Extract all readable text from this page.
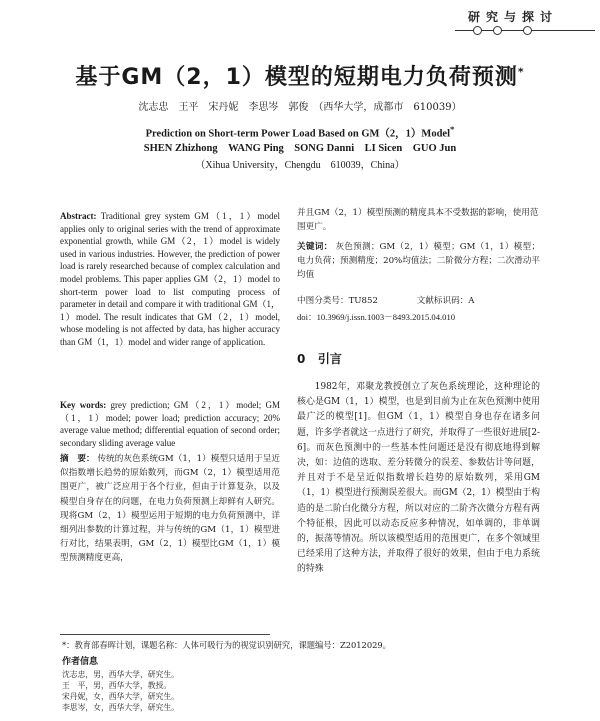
研究与探讨
基于GM（2，1）模型的短期电力负荷预测*
沈志忠　王平　宋丹妮　李思岑　郭俊　（西华大学，成都市　610039）
Prediction on Short-term Power Load Based on GM（2，1）Model*
SHEN Zhizhong　WANG Ping　SONG Danni　LI Sicen　GUO Jun
（Xihua University，Chengdu　610039，China）
Abstract: Traditional grey system GM（1，1）model applies only to original series with the trend of approximate exponential growth, while GM（2，1）model is widely used in various industries. However, the prediction of power load is rarely researched because of complex calculation and model problems. This paper applies GM（2，1）model to short-term power load to list computing process of parameter in detail and compare it with traditional GM（1，1）model. The result indicates that GM（2，1）model, whose modeling is not affected by data, has higher accuracy than GM（1，1）model and wider range of application.
Key words: grey prediction; GM（2，1）model; GM（1，1）model; power load; prediction accuracy; 20% average value method; differential equation of second order; secondary sliding average value
摘　要： 传统的灰色系统GM（1，1）模型只适用于呈近似指数增长趋势的原始数列，而GM（2，1）模型适用范围更广，被广泛应用于各个行业，但由于计算复杂，以及模型自身存在的问题，在电力负荷预测上却鲜有人研究。现将GM（2，1）模型运用于短期的电力负荷预测中，详细列出参数的计算过程，并与传统的GM（1，1）模型进行对比，结果表明，GM（2，1）模型比GM（1，1）模型预测精度更高，
并且GM（2，1）模型预测的精度具本不受数据的影响，使用范围更广。
关键词： 灰色预测；GM（2，1）模型；GM（1，1）模型；电力负荷；预测精度；20%均值法；二阶微分方程；二次滑动平均值
中图分类号：TU852	文献标识码：A
doi：10.3969/j.issn.1003－8493.2015.04.010
0 引言
1982年，邓聚龙教授创立了灰色系统理论，这种理论的核心是GM（1，1）模型，也是到目前为止在灰色预测中使用最广泛的模型[1]。但GM（1，1）模型自身也存在诸多问题，许多学者就这一点进行了研究，并取得了一些很好进展[2-6]。而灰色预测中的一些基本性问题还是没有彻底地得到解决，如：边值的选取、差分转微分的误差、参数估计等问题，并且对于不是呈近似指数增长趋势的原始数列，采用GM（1，1）模型进行预测误差很大。而GM（2，1）模型由于构造的是二阶白化微分方程，所以对应的二阶齐次微分方程有两个特征根，因此可以动态反应多种情况，如单调的，非单调的，振荡等情况。所以该模型适用的范围更广，在多个领域里已经采用了这种方法，并取得了很好的效果，但由于电力系统的特殊
*：教育部春晖计划，课题名称：人体可吸行为的视觉识别研究，课题编号：Z2012029。
作者信息
沈志忠，男，西华大学，研究生。
王　平，男，西华大学，教授。
宋丹妮，女，西华大学，研究生。
李思岑，女，西华大学，研究生。
